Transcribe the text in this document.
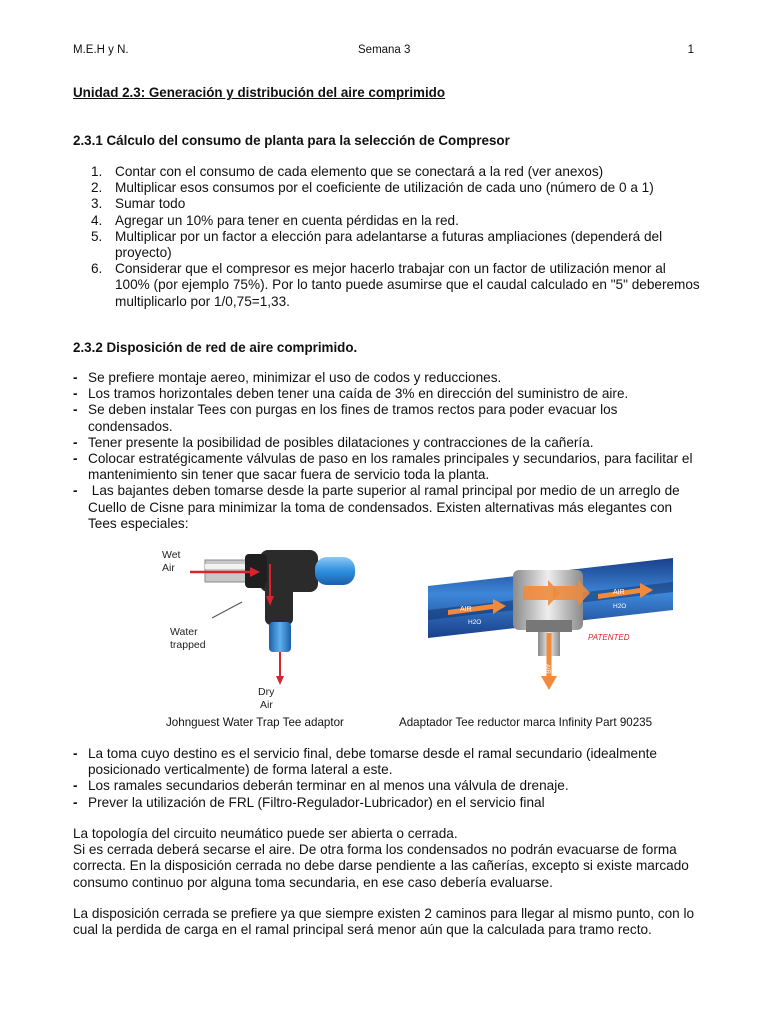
M.E.H y N.	Semana 3	1
Unidad 2.3: Generación y distribución del aire comprimido
2.3.1 Cálculo del consumo de planta para la selección de Compresor
1. Contar con el consumo de cada elemento que se conectará a la red (ver anexos)
2. Multiplicar esos consumos por el coeficiente de utilización de cada uno (número de 0 a 1)
3. Sumar todo
4. Agregar un 10% para tener en cuenta pérdidas en la red.
5. Multiplicar por un factor a elección para adelantarse a futuras ampliaciones (dependerá del proyecto)
6. Considerar que el compresor es mejor hacerlo trabajar con un factor de utilización menor al 100% (por ejemplo 75%). Por lo tanto puede asumirse que el caudal calculado en "5" deberemos multiplicarlo por 1/0,75=1,33.
2.3.2 Disposición de red de aire comprimido.
- Se prefiere montaje aereo, minimizar el uso de codos y reducciones.
- Los tramos horizontales deben tener una caída de 3% en dirección del suministro de aire.
- Se deben instalar Tees con purgas en los fines de tramos rectos para poder evacuar los condensados.
- Tener presente la posibilidad de posibles dilataciones y contracciones de la cañería.
- Colocar estratégicamente válvulas de paso en los ramales principales y secundarios, para facilitar el mantenimiento sin tener que sacar fuera de servicio toda la planta.
- Las bajantes deben tomarse desde la parte superior al ramal principal por medio de un arreglo de Cuello de Cisne para minimizar la toma de condensados. Existen alternativas más elegantes con Tees especiales:
Wet
Air
Water
trapped
Dry
Air
AIR
H2O
AIR
H2O
PATENTED
AIR
Johnguest Water Trap Tee adaptor	Adaptador Tee reductor marca Infinity Part 90235
- La toma cuyo destino es el servicio final, debe tomarse desde el ramal secundario (idealmente posicionado verticalmente) de forma lateral a este.
- Los ramales secundarios deberán terminar en al menos una válvula de drenaje.
- Prever la utilización de FRL (Filtro-Regulador-Lubricador) en el servicio final
La topología del circuito neumático puede ser abierta o cerrada.
Si es cerrada deberá secarse el aire. De otra forma los condensados no podrán evacuarse de forma correcta. En la disposición cerrada no debe darse pendiente a las cañerías, excepto si existe marcado consumo continuo por alguna toma secundaria, en ese caso debería evaluarse.
La disposición cerrada se prefiere ya que siempre existen 2 caminos para llegar al mismo punto, con lo cual la perdida de carga en el ramal principal será menor aún que la calculada para tramo recto.
